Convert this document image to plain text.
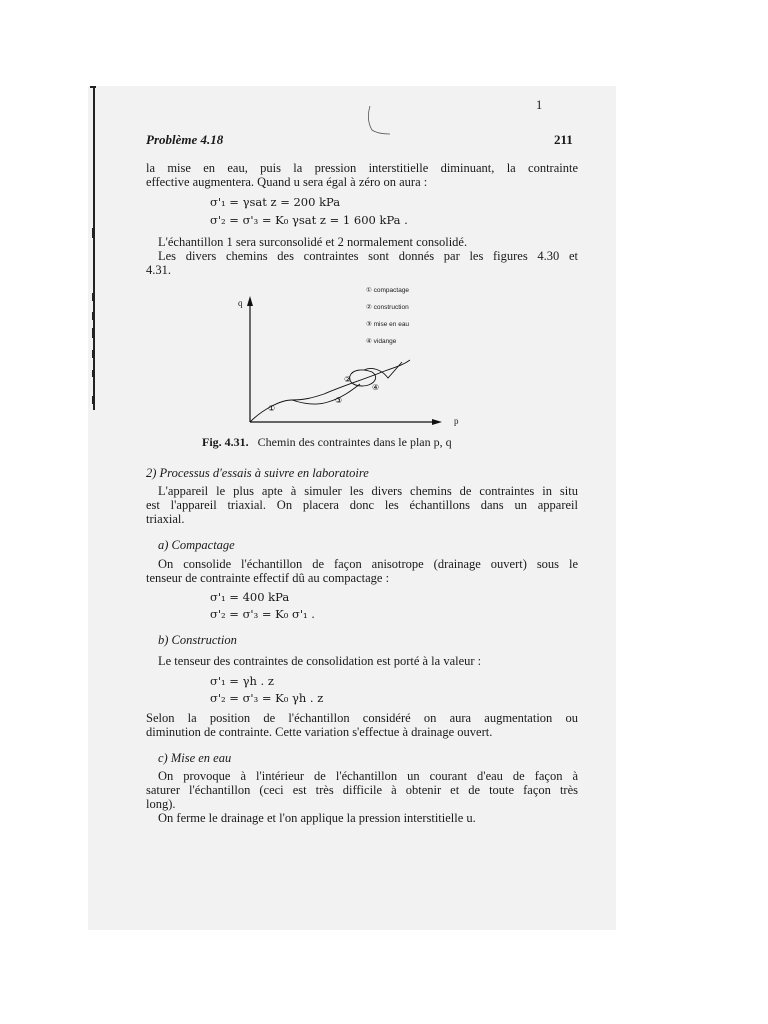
1
Problème 4.18	211
la mise en eau, puis la pression interstitielle diminuant, la contrainte
effective augmentera. Quand u sera égal à zéro on aura :
σ'₁ = γsat z = 200 kPa
σ'₂ = σ'₃ = K₀ γsat z = 1 600 kPa .
L'échantillon 1 sera surconsolidé et 2 normalement consolidé.
Les divers chemins des contraintes sont donnés par les figures 4.30 et
4.31.
①
②
③
④
q
p
① compactage
② construction
③ mise en eau
④ vidange
Fig. 4.31. Chemin des contraintes dans le plan p, q
2) Processus d'essais à suivre en laboratoire
L'appareil le plus apte à simuler les divers chemins de contraintes in situ
est l'appareil triaxial. On placera donc les échantillons dans un appareil
triaxial.
a) Compactage
On consolide l'échantillon de façon anisotrope (drainage ouvert) sous le
tenseur de contrainte effectif dû au compactage :
σ'₁ = 400 kPa
σ'₂ = σ'₃ = K₀ σ'₁ .
b) Construction
Le tenseur des contraintes de consolidation est porté à la valeur :
σ'₁ = γh . z
σ'₂ = σ'₃ = K₀ γh . z
Selon la position de l'échantillon considéré on aura augmentation ou
diminution de contrainte. Cette variation s'effectue à drainage ouvert.
c) Mise en eau
On provoque à l'intérieur de l'échantillon un courant d'eau de façon à
saturer l'échantillon (ceci est très difficile à obtenir et de toute façon très
long).
On ferme le drainage et l'on applique la pression interstitielle u.
